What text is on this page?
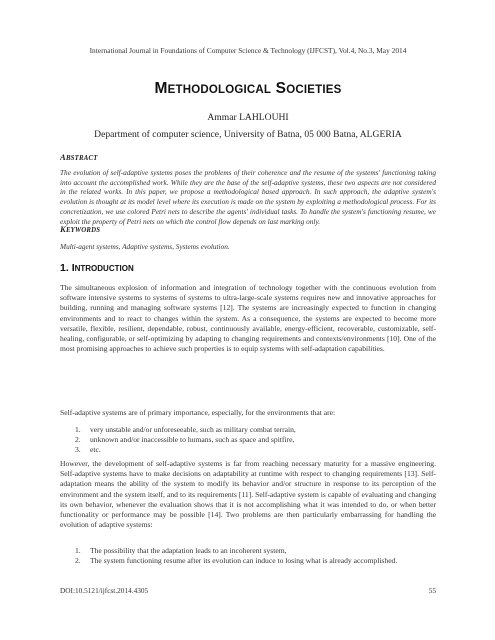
International Journal in Foundations of Computer Science & Technology (IJFCST), Vol.4, No.3, May 2014
METHODOLOGICAL SOCIETIES
Ammar LAHLOUHI
Department of computer science, University of Batna, 05 000 Batna, ALGERIA
ABSTRACT
The evolution of self-adaptive systems poses the problems of their coherence and the resume of the systems' functioning taking into account the accomplished work. While they are the base of the self-adaptive systems, these two aspects are not considered in the related works. In this paper, we propose a methodological based approach. In such approach, the adaptive system's evolution is thought at its model level where its execution is made on the system by exploiting a methodological process. For its concretization, we use colored Petri nets to describe the agents' individual tasks. To handle the system's functioning resume, we exploit the property of Petri nets on which the control flow depends on last marking only.
KEYWORDS
Multi-agent systems, Adaptive systems, Systems evolution.
1. INTRODUCTION
The simultaneous explosion of information and integration of technology together with the continuous evolution from software intensive systems to systems of systems to ultra-large-scale systems requires new and innovative approaches for building, running and managing software systems [12]. The systems are increasingly expected to function in changing environments and to react to changes within the system. As a consequence, the systems are expected to become more versatile, flexible, resilient, dependable, robust, continuously available, energy-efficient, recoverable, customizable, self-healing, configurable, or self-optimizing by adapting to changing requirements and contexts/environments [10]. One of the most promising approaches to achieve such properties is to equip systems with self-adaptation capabilities.
Self-adaptive systems are of primary importance, especially, for the environments that are:
1. very unstable and/or unforeseeable, such as military combat terrain,
2. unknown and/or inaccessible to humans, such as space and spitfire,
3. etc.
However, the development of self-adaptive systems is far from reaching necessary maturity for a massive engineering. Self-adaptive systems have to make decisions on adaptability at runtime with respect to changing requirements [13]. Self-adaptation means the ability of the system to modify its behavior and/or structure in response to its perception of the environment and the system itself, and to its requirements [11]. Self-adaptive system is capable of evaluating and changing its own behavior, whenever the evaluation shows that it is not accomplishing what it was intended to do, or when better functionality or performance may be possible [14]. Two problems are then particularly embarrassing for handling the evolution of adaptive systems:
1. The possibility that the adaptation leads to an incoherent system,
2. The system functioning resume after its evolution can induce to losing what is already accomplished.
DOI:10.5121/ijfcst.2014.4305	55
